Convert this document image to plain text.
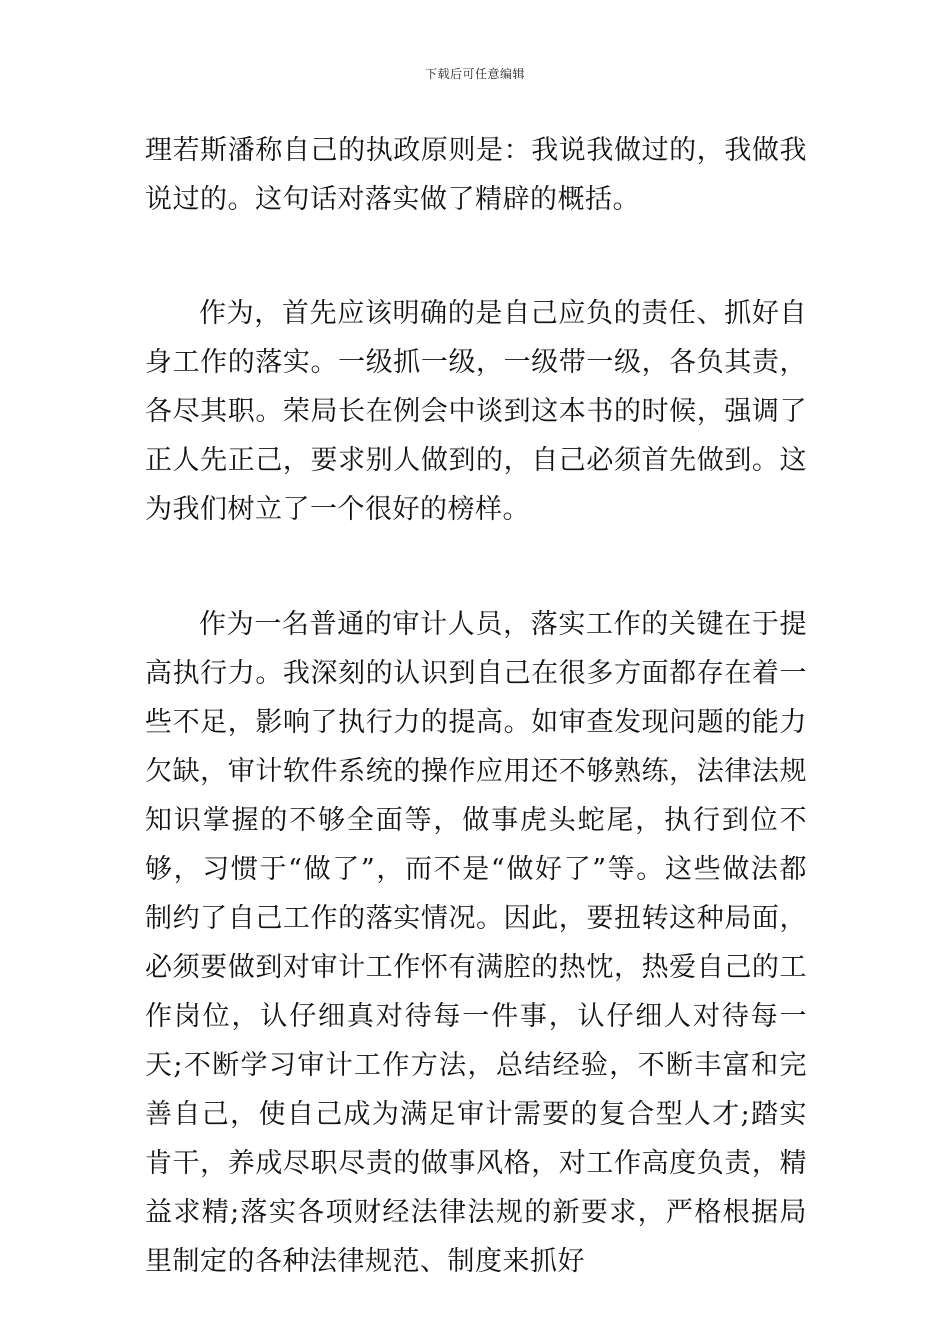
下载后可任意编辑

理若斯潘称自己的执政原则是：我说我做过的，我做我说过的。这句话对落实做了精辟的概括。

作为，首先应该明确的是自己应负的责任、抓好自身工作的落实。一级抓一级，一级带一级，各负其责，各尽其职。荣局长在例会中谈到这本书的时候，强调了正人先正己，要求别人做到的，自己必须首先做到。这为我们树立了一个很好的榜样。

作为一名普通的审计人员，落实工作的关键在于提高执行力。我深刻的认识到自己在很多方面都存在着一些不足，影响了执行力的提高。如审查发现问题的能力欠缺，审计软件系统的操作应用还不够熟练，法律法规知识掌握的不够全面等，做事虎头蛇尾，执行到位不够，习惯于“做了”，而不是“做好了”等。这些做法都制约了自己工作的落实情况。因此，要扭转这种局面，必须要做到对审计工作怀有满腔的热忱，热爱自己的工作岗位，认仔细真对待每一件事，认仔细人对待每一天;不断学习审计工作方法，总结经验，不断丰富和完善自己，使自己成为满足审计需要的复合型人才;踏实肯干，养成尽职尽责的做事风格，对工作高度负责，精益求精;落实各项财经法律法规的新要求，严格根据局里制定的各种法律规范、制度来抓好
